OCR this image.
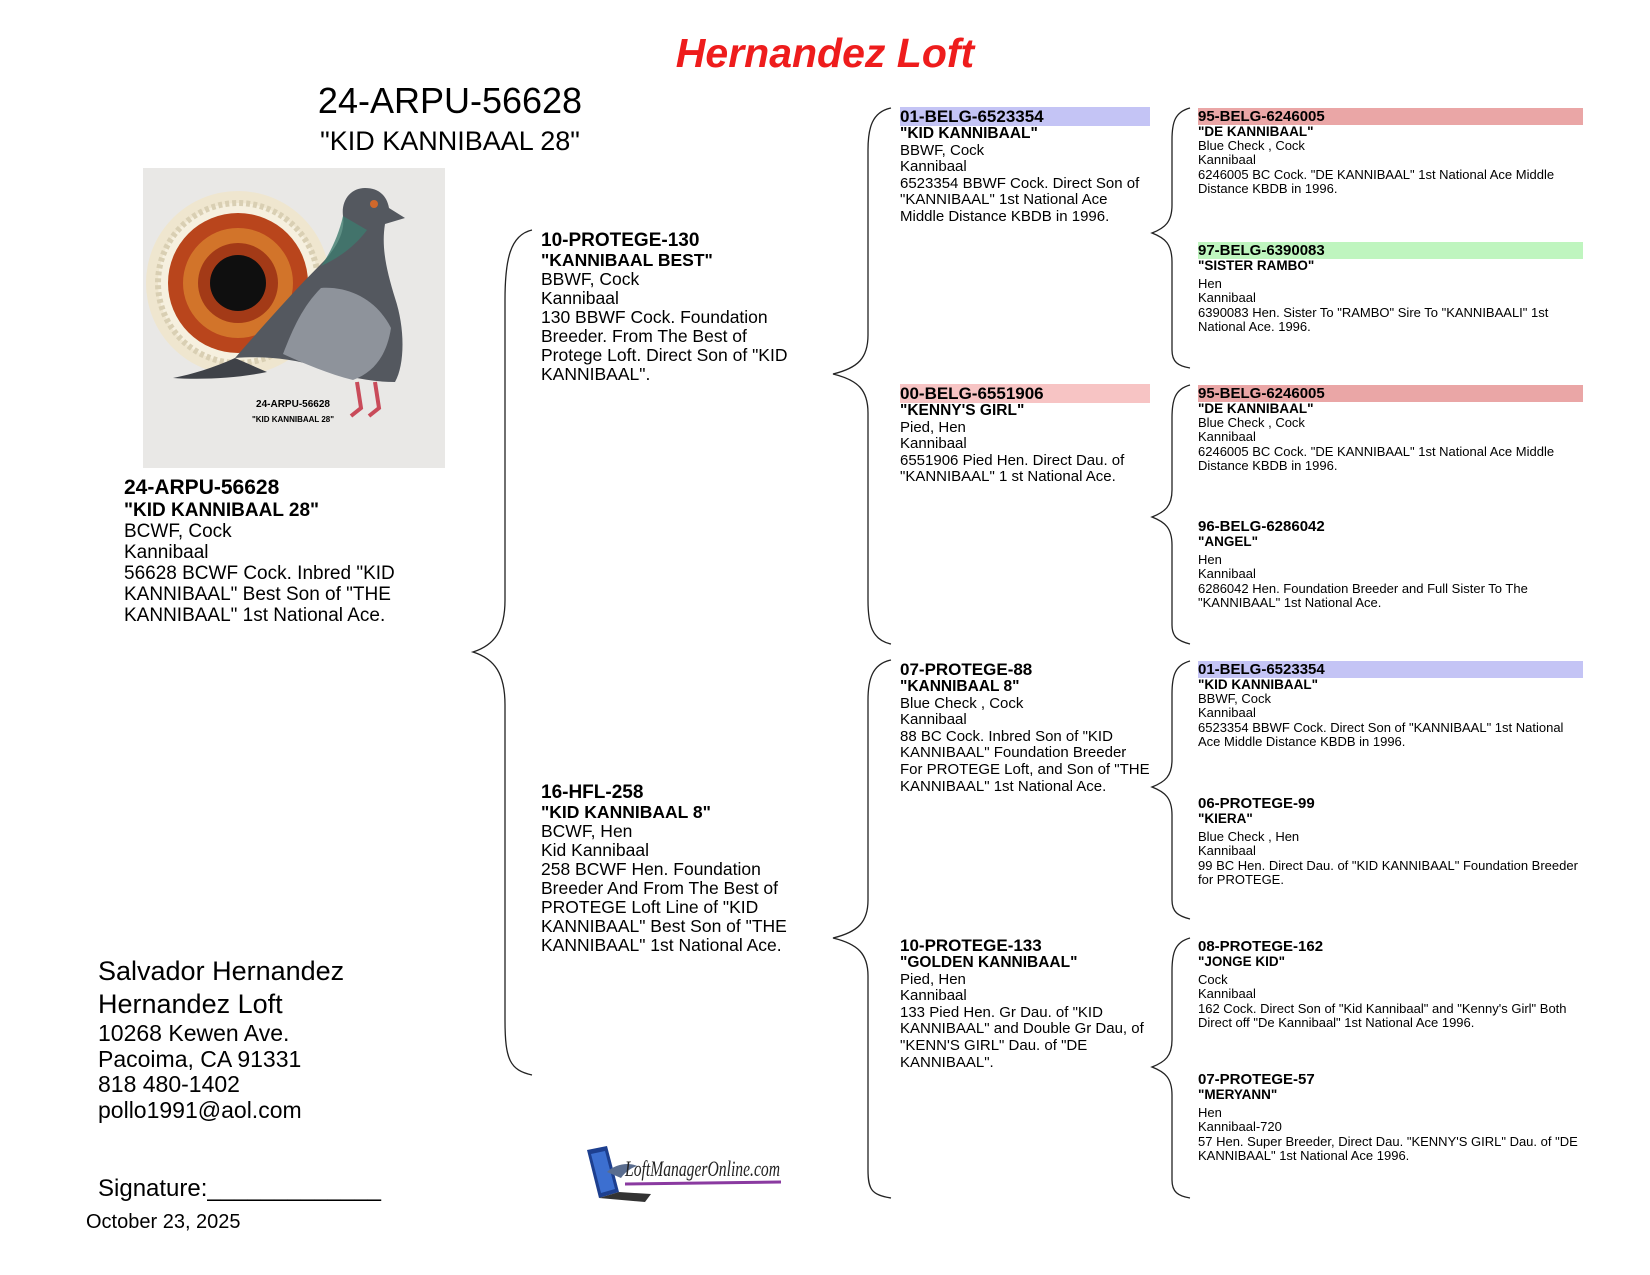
Hernandez Loft
24-ARPU-56628
"KID KANNIBAAL 28"
24-ARPU-56628
"KID KANNIBAAL 28"
24-ARPU-56628
"KID KANNIBAAL 28"
BCWF, Cock
Kannibaal
56628 BCWF Cock. Inbred "KID KANNIBAAL" Best Son of "THE KANNIBAAL" 1st National Ace.
10-PROTEGE-130
"KANNIBAAL BEST"
BBWF, Cock
Kannibaal
130 BBWF Cock. Foundation Breeder. From The Best of Protege Loft. Direct Son of "KID KANNIBAAL".
16-HFL-258
"KID KANNIBAAL 8"
BCWF, Hen
Kid Kannibaal
258 BCWF Hen. Foundation Breeder And From The Best of PROTEGE Loft Line of "KID KANNIBAAL" Best Son of "THE KANNIBAAL" 1st National Ace.
01-BELG-6523354
"KID KANNIBAAL"
BBWF, Cock
Kannibaal
6523354 BBWF Cock. Direct Son of "KANNIBAAL" 1st National Ace Middle Distance KBDB in 1996.
00-BELG-6551906
"KENNY'S GIRL"
Pied, Hen
Kannibaal
6551906 Pied Hen. Direct Dau. of "KANNIBAAL" 1 st National Ace.
07-PROTEGE-88
"KANNIBAAL 8"
Blue Check , Cock
Kannibaal
88 BC Cock. Inbred Son of "KID KANNIBAAL" Foundation Breeder For PROTEGE Loft, and Son of "THE KANNIBAAL" 1st National Ace.
10-PROTEGE-133
"GOLDEN KANNIBAAL"
Pied, Hen
Kannibaal
133 Pied Hen. Gr Dau. of "KID KANNIBAAL" and Double Gr Dau, of "KENN'S GIRL" Dau. of "DE KANNIBAAL".
95-BELG-6246005
"DE KANNIBAAL"
Blue Check , Cock
Kannibaal
6246005 BC Cock. "DE KANNIBAAL" 1st National Ace Middle Distance KBDB in 1996.
97-BELG-6390083
"SISTER RAMBO"
Hen
Kannibaal
6390083 Hen. Sister To "RAMBO" Sire To "KANNIBAALI" 1st National Ace. 1996.
95-BELG-6246005
"DE KANNIBAAL"
Blue Check , Cock
Kannibaal
6246005 BC Cock. "DE KANNIBAAL" 1st National Ace Middle Distance KBDB in 1996.
96-BELG-6286042
"ANGEL"
Hen
Kannibaal
6286042 Hen. Foundation Breeder and Full Sister To The "KANNIBAAL" 1st National Ace.
01-BELG-6523354
"KID KANNIBAAL"
BBWF, Cock
Kannibaal
6523354 BBWF Cock. Direct Son of "KANNIBAAL" 1st National Ace Middle Distance KBDB in 1996.
06-PROTEGE-99
"KIERA"
Blue Check , Hen
Kannibaal
99 BC Hen. Direct Dau. of "KID KANNIBAAL" Foundation Breeder for PROTEGE.
08-PROTEGE-162
"JONGE KID"
Cock
Kannibaal
162 Cock. Direct Son of "Kid Kannibaal" and "Kenny's Girl" Both Direct off "De Kannibaal" 1st National Ace 1996.
07-PROTEGE-57
"MERYANN"
Hen
Kannibaal-720
57 Hen. Super Breeder, Direct Dau. "KENNY'S GIRL" Dau. of "DE KANNIBAAL" 1st National Ace 1996.
Salvador Hernandez
Hernandez Loft
10268 Kewen Ave.
Pacoima, CA 91331
818 480-1402
pollo1991@aol.com
Signature:_____________
October 23, 2025
LoftManagerOnline.com
